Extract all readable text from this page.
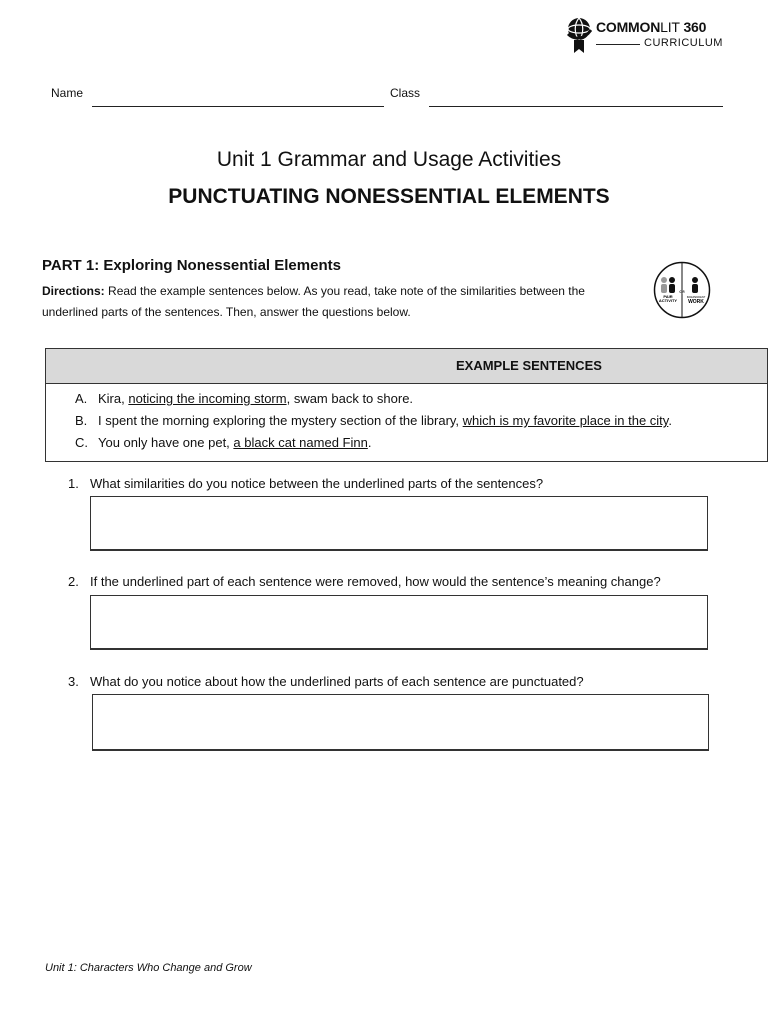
COMMONLIT 360
CURRICULUM
Name	Class
Unit 1 Grammar and Usage Activities
PUNCTUATING NONESSENTIAL ELEMENTS
PART 1: Exploring Nonessential Elements
Directions: Read the example sentences below. As you read, take note of the similarities between the underlined parts of the sentences. Then, answer the questions below.
PAIR
ACTIVITY
OR
INDEPENDENT
WORK
EXAMPLE SENTENCES
A. Kira, noticing the incoming storm, swam back to shore.
B. I spent the morning exploring the mystery section of the library, which is my favorite place in the city.
C. You only have one pet, a black cat named Finn.
1. What similarities do you notice between the underlined parts of the sentences?
2. If the underlined part of each sentence were removed, how would the sentence’s meaning change?
3. What do you notice about how the underlined parts of each sentence are punctuated?
Unit 1: Characters Who Change and Grow
